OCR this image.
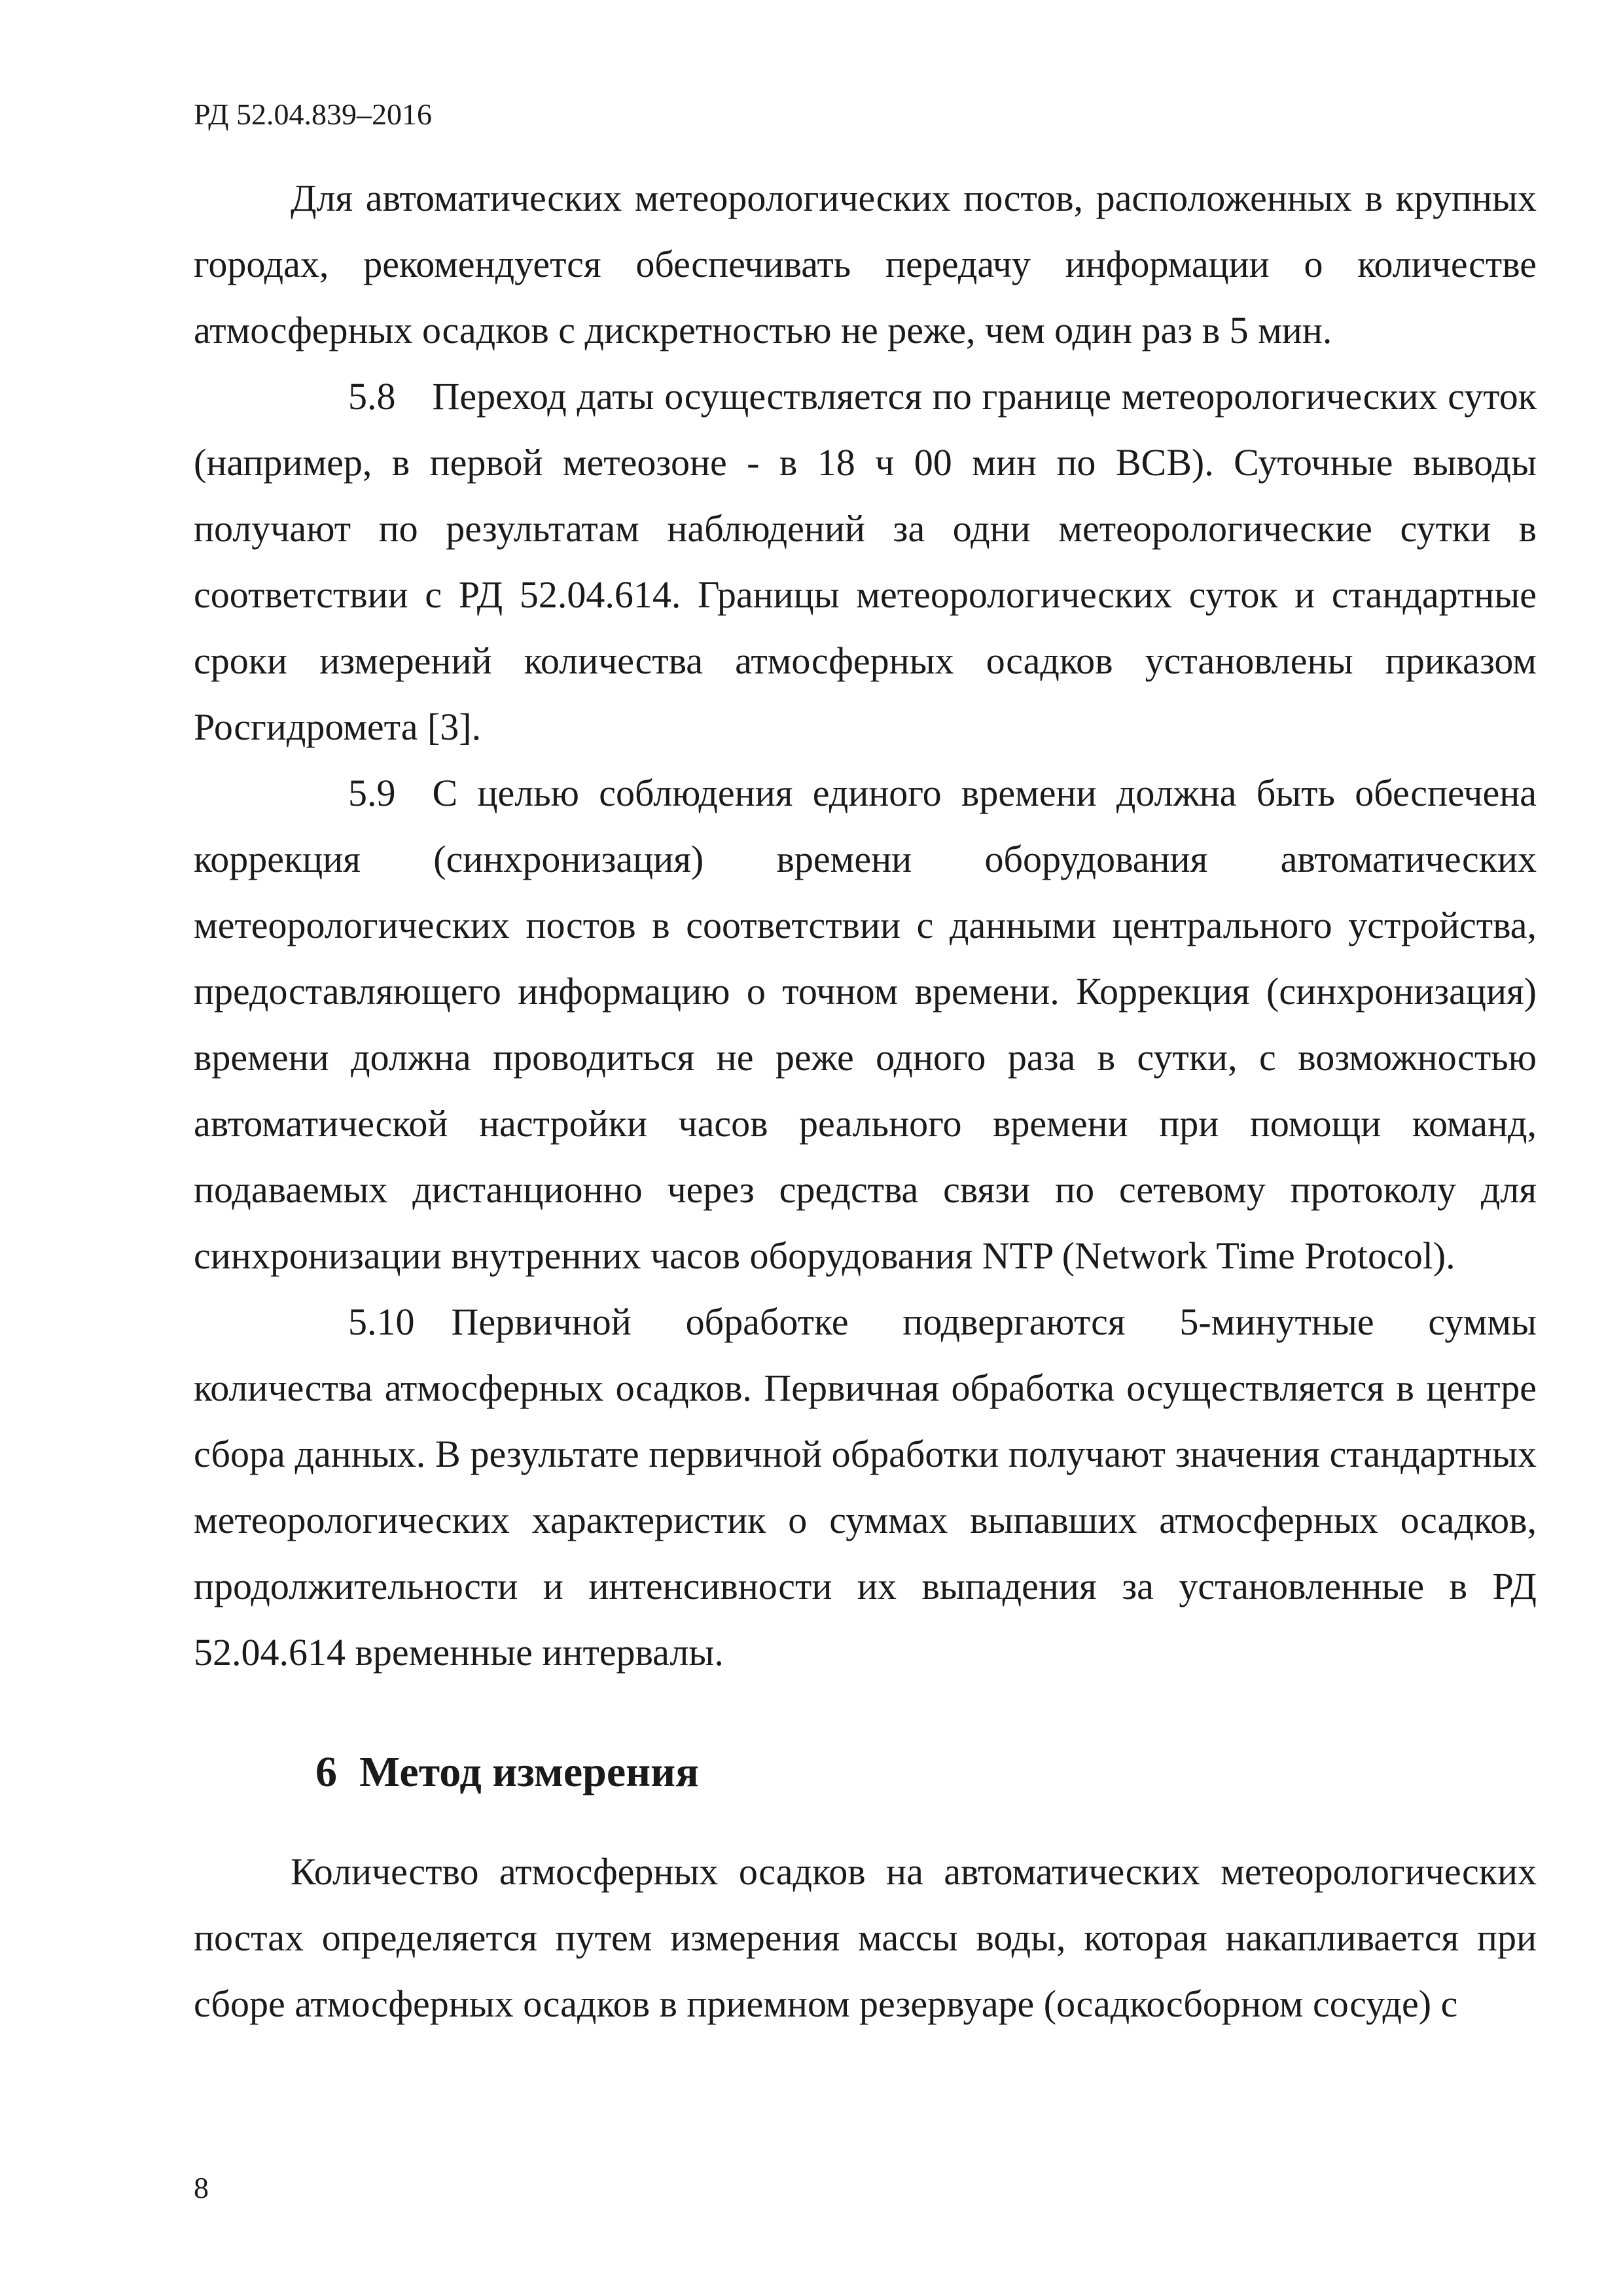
РД 52.04.839–2016

Для автоматических метеорологических постов, расположенных в крупных городах, рекомендуется обеспечивать передачу информации о количестве атмосферных осадков с дискретностью не реже, чем один раз в 5 мин.

5.8 Переход даты осуществляется по границе метеорологических суток (например, в первой метеозоне - в 18 ч 00 мин по ВСВ). Суточные выводы получают по результатам наблюдений за одни метеорологические сутки в соответствии с РД 52.04.614. Границы метеорологических суток и стандартные сроки измерений количества атмосферных осадков установлены приказом Росгидромета [3].

5.9 С целью соблюдения единого времени должна быть обеспечена коррекция (синхронизация) времени оборудования автоматических метеорологических постов в соответствии с данными центрального устройства, предоставляющего информацию о точном времени. Коррекция (синхронизация) времени должна проводиться не реже одного раза в сутки, с возможностью автоматической настройки часов реального времени при помощи команд, подаваемых дистанционно через средства связи по сетевому протоколу для синхронизации внутренних часов оборудования NTP (Network Time Protocol).

5.10 Первичной обработке подвергаются 5-минутные суммы количества атмосферных осадков. Первичная обработка осуществляется в центре сбора данных. В результате первичной обработки получают значения стандартных метеорологических характеристик о суммах выпавших атмосферных осадков, продолжительности и интенсивности их выпадения за установленные в РД 52.04.614 временные интервалы.

6 Метод измерения

Количество атмосферных осадков на автоматических метеорологических постах определяется путем измерения массы воды, которая накапливается при сборе атмосферных осадков в приемном резервуаре (осадкосборном сосуде) с

8
